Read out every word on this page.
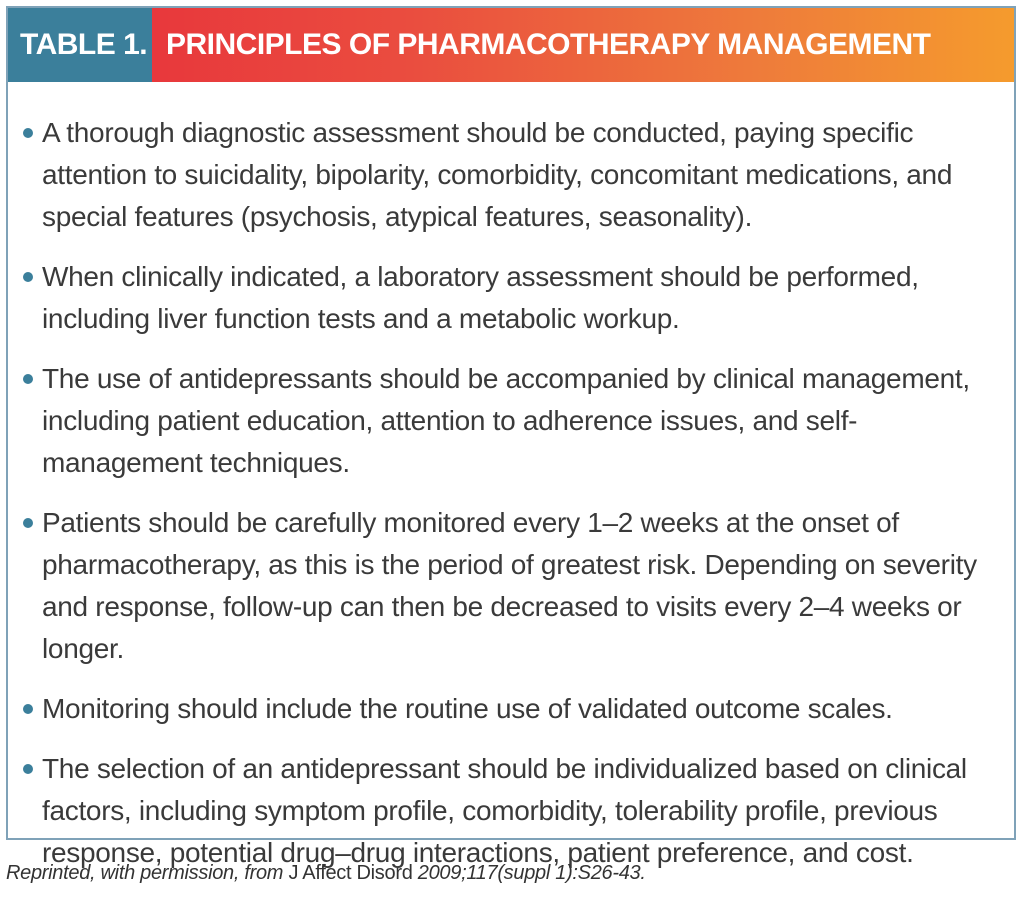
TABLE 1. PRINCIPLES OF PHARMACOTHERAPY MANAGEMENT
A thorough diagnostic assessment should be conducted, paying specific attention to suicidality, bipolarity, comorbidity, concomitant medications, and special features (psychosis, atypical features, seasonality).
When clinically indicated, a laboratory assessment should be performed, including liver function tests and a metabolic workup.
The use of antidepressants should be accompanied by clinical management, including patient education, attention to adherence issues, and self-management techniques.
Patients should be carefully monitored every 1–2 weeks at the onset of pharmacotherapy, as this is the period of greatest risk. Depending on severity and response, follow-up can then be decreased to visits every 2–4 weeks or longer.
Monitoring should include the routine use of validated outcome scales.
The selection of an antidepressant should be individualized based on clinical factors, including symptom profile, comorbidity, tolerability profile, previous response, potential drug–drug interactions, patient preference, and cost.
Reprinted, with permission, from J Affect Disord 2009;117(suppl 1):S26-43.
